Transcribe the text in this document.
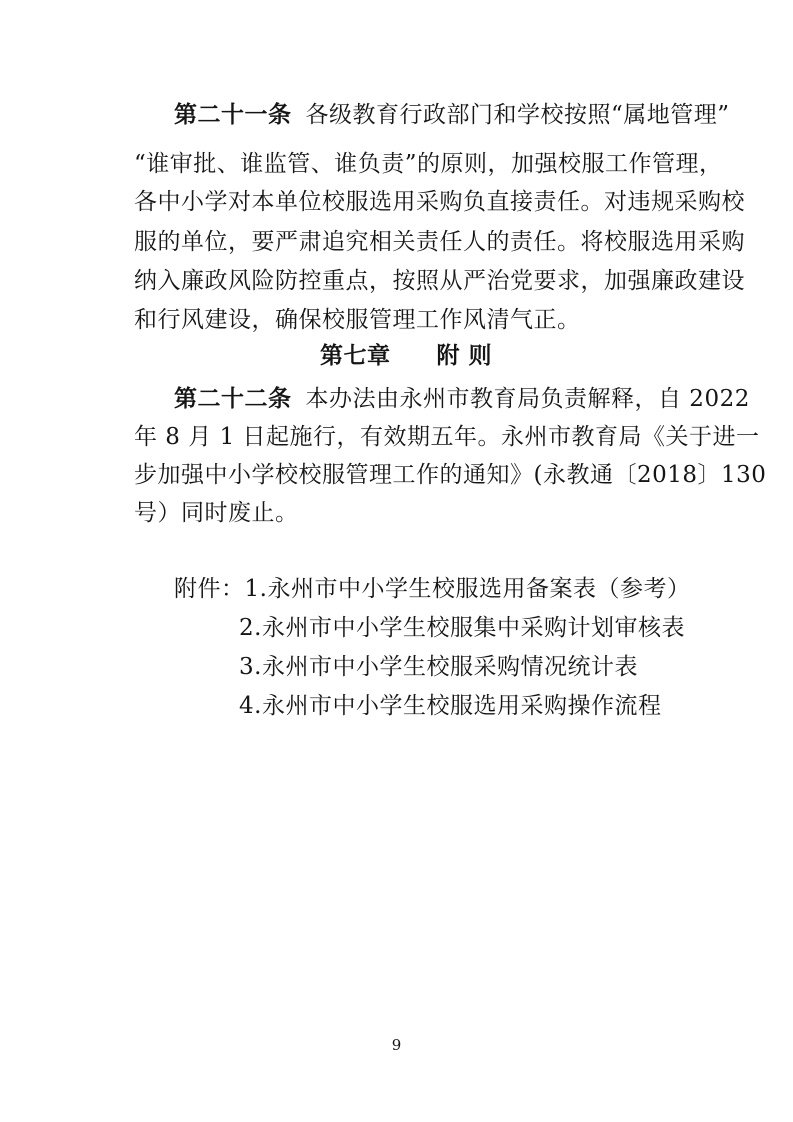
第二十一条 各级教育行政部门和学校按照“属地管理”
“谁审批、谁监管、谁负责”的原则，加强校服工作管理，
各中小学对本单位校服选用采购负直接责任。对违规采购校
服的单位，要严肃追究相关责任人的责任。将校服选用采购
纳入廉政风险防控重点，按照从严治党要求，加强廉政建设
和行风建设，确保校服管理工作风清气正。
第七章 附 则
第二十二条 本办法由永州市教育局负责解释，自 2022
年 8 月 1 日起施行，有效期五年。永州市教育局《关于进一
步加强中小学校校服管理工作的通知》(永教通〔2018〕130
号）同时废止。
附件：1.永州市中小学生校服选用备案表（参考）
2.永州市中小学生校服集中采购计划审核表
3.永州市中小学生校服采购情况统计表
4.永州市中小学生校服选用采购操作流程
9
